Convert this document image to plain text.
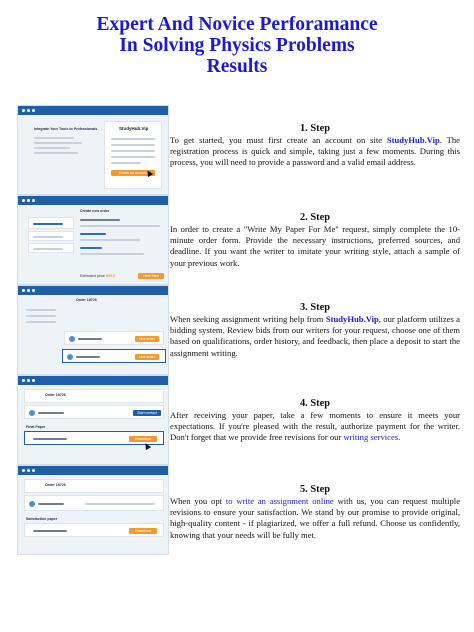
Expert And Novice Perforamance
In Solving Physics Problems
Results
Integrate Your Tools to Professionals	StudyHub.Vip
Create an account
Create new order
Estimated price $59.8	Next Step
Order 18726
Hire writer
Hire writer
Order 18726
Start contact
Final Paper
Download
Order 18726
Satisfaction paper
Download
1. Step

To get started, you must first create an account on site StudyHub.Vip. The registration process is quick and simple, taking just a few moments. During this process, you will need to provide a password and a valid email address.

2. Step

In order to create a "Write My Paper For Me" request, simply complete the 10-minute order form. Provide the necessary instructions, preferred sources, and deadline. If you want the writer to imitate your writing style, attach a sample of your previous work.

3. Step

When seeking assignment writing help from StudyHub.Vip, our platform utilizes a bidding system. Review bids from our writers for your request, choose one of them based on qualifications, order history, and feedback, then place a deposit to start the assignment writing.

4. Step

After receiving your paper, take a few moments to ensure it meets your expectations. If you're pleased with the result, authorize payment for the writer. Don't forget that we provide free revisions for our writing services.

5. Step

When you opt to write an assignment online with us, you can request multiple revisions to ensure your satisfaction. We stand by our promise to provide original, high-quality content - if plagiarized, we offer a full refund. Choose us confidently, knowing that your needs will be fully met.
